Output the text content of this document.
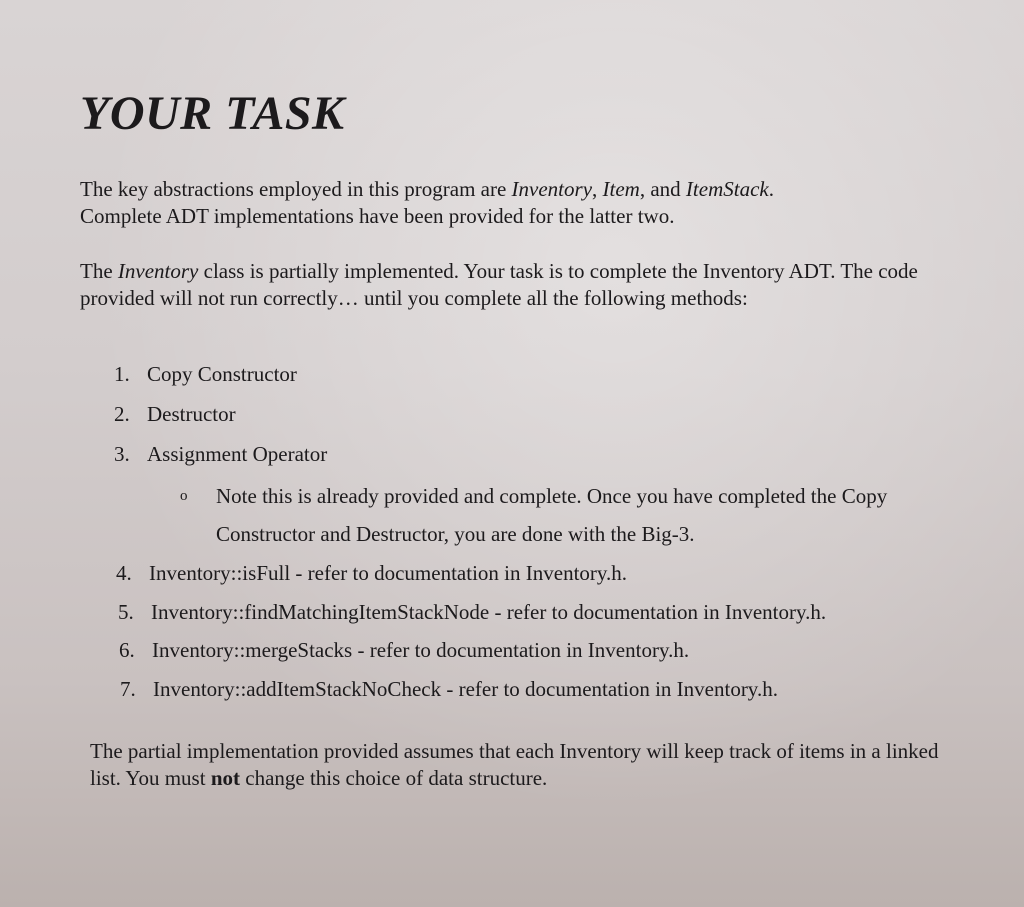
YOUR TASK

The key abstractions employed in this program are Inventory, Item, and ItemStack.
Complete ADT implementations have been provided for the latter two.

The Inventory class is partially implemented. Your task is to complete the Inventory ADT. The code provided will not run correctly… until you complete all the following methods:

1. Copy Constructor
2. Destructor
3. Assignment Operator
o Note this is already provided and complete. Once you have completed the Copy Constructor and Destructor, you are done with the Big-3.
4. Inventory::isFull - refer to documentation in Inventory.h.
5. Inventory::findMatchingItemStackNode - refer to documentation in Inventory.h.
6. Inventory::mergeStacks - refer to documentation in Inventory.h.
7. Inventory::addItemStackNoCheck - refer to documentation in Inventory.h.

The partial implementation provided assumes that each Inventory will keep track of items in a linked list. You must not change this choice of data structure.
